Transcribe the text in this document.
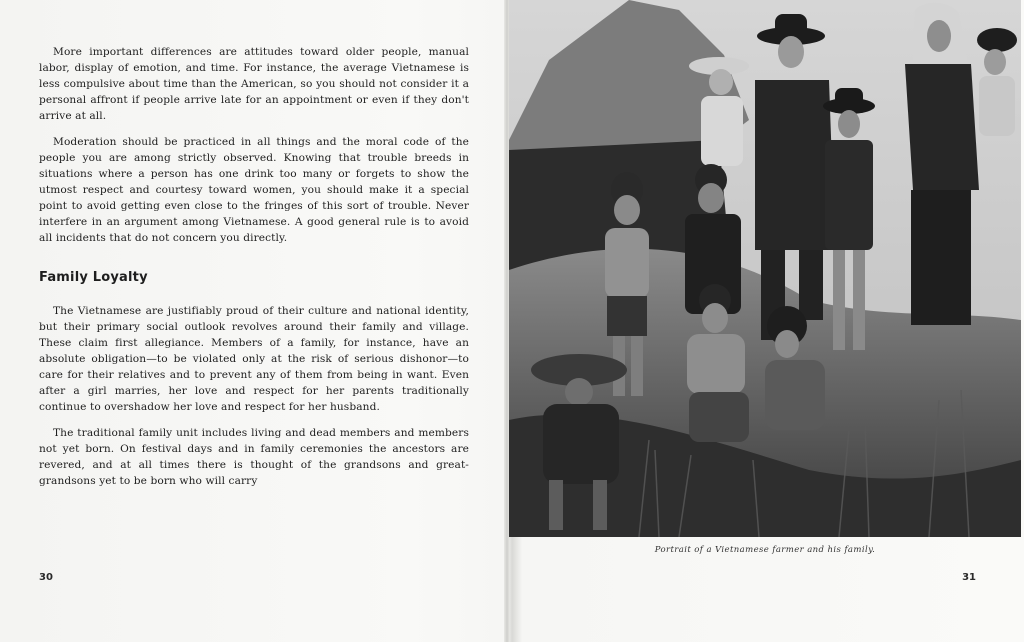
More important differences are attitudes toward older people, manual labor, display of emotion, and time. For instance, the average Vietnamese is less compulsive about time than the American, so you should not consider it a personal affront if people arrive late for an appointment or even if they don't arrive at all.

Moderation should be practiced in all things and the moral code of the people you are among strictly observed. Knowing that trouble breeds in situations where a person has one drink too many or forgets to show the utmost respect and courtesy toward women, you should make it a special point to avoid getting even close to the fringes of this sort of trouble. Never interfere in an argument among Vietnamese. A good general rule is to avoid all incidents that do not concern you directly.

Family Loyalty

The Vietnamese are justifiably proud of their culture and national identity, but their primary social outlook revolves around their family and village. These claim first allegiance. Members of a family, for instance, have an absolute obligation—to be violated only at the risk of serious dishonor—to care for their relatives and to prevent any of them from being in want. Even after a girl marries, her love and respect for her parents traditionally continue to overshadow her love and respect for her husband.

The traditional family unit includes living and dead members and members not yet born. On festival days and in family ceremonies the ancestors are revered, and at all times there is thought of the grandsons and great-grandsons yet to be born who will carry

30
Portrait of a Vietnamese farmer and his family.
31
